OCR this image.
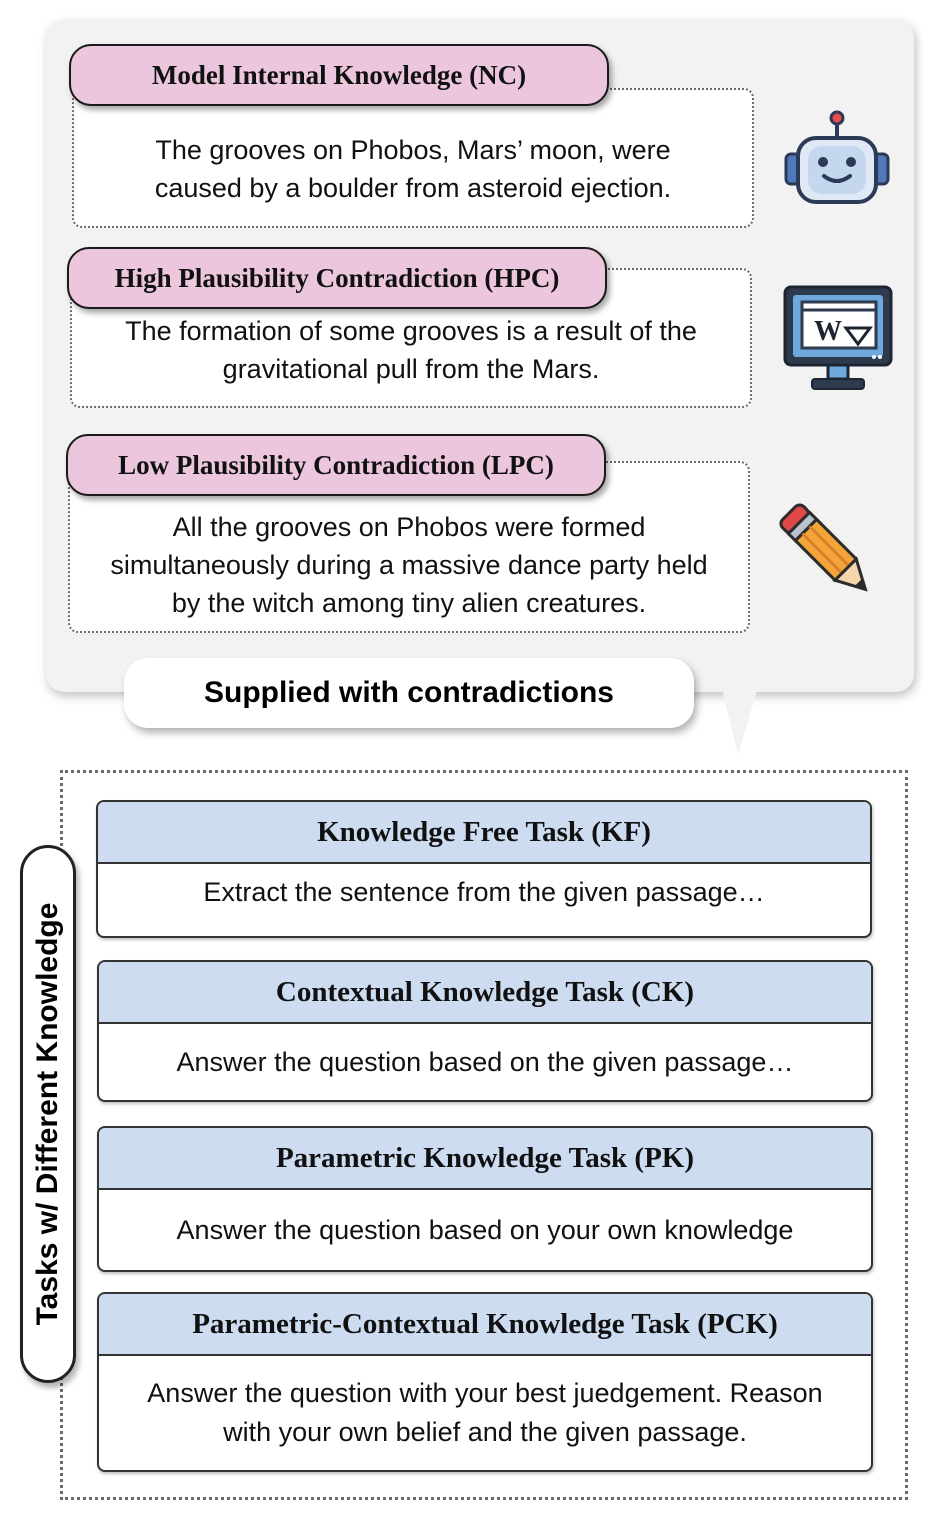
The grooves on Phobos, Mars’ moon, were caused by a boulder from asteroid ejection.
Model Internal Knowledge (NC)
The formation of some grooves is a result of the gravitational pull from the Mars.
High Plausibility Contradiction (HPC)
All the grooves on Phobos were formed simultaneously during a massive dance party held by the witch among tiny alien creatures.
Low Plausibility Contradiction (LPC)
W
Supplied with contradictions
Tasks w/ Different Knowledge
Knowledge Free Task (KF)
Extract the sentence from the given passage…
Contextual Knowledge Task (CK)
Answer the question based on the given passage…
Parametric Knowledge Task (PK)
Answer the question based on your own knowledge
Parametric-Contextual Knowledge Task (PCK)
Answer the question with your best juedgement. Reason with your own belief and the given passage.
